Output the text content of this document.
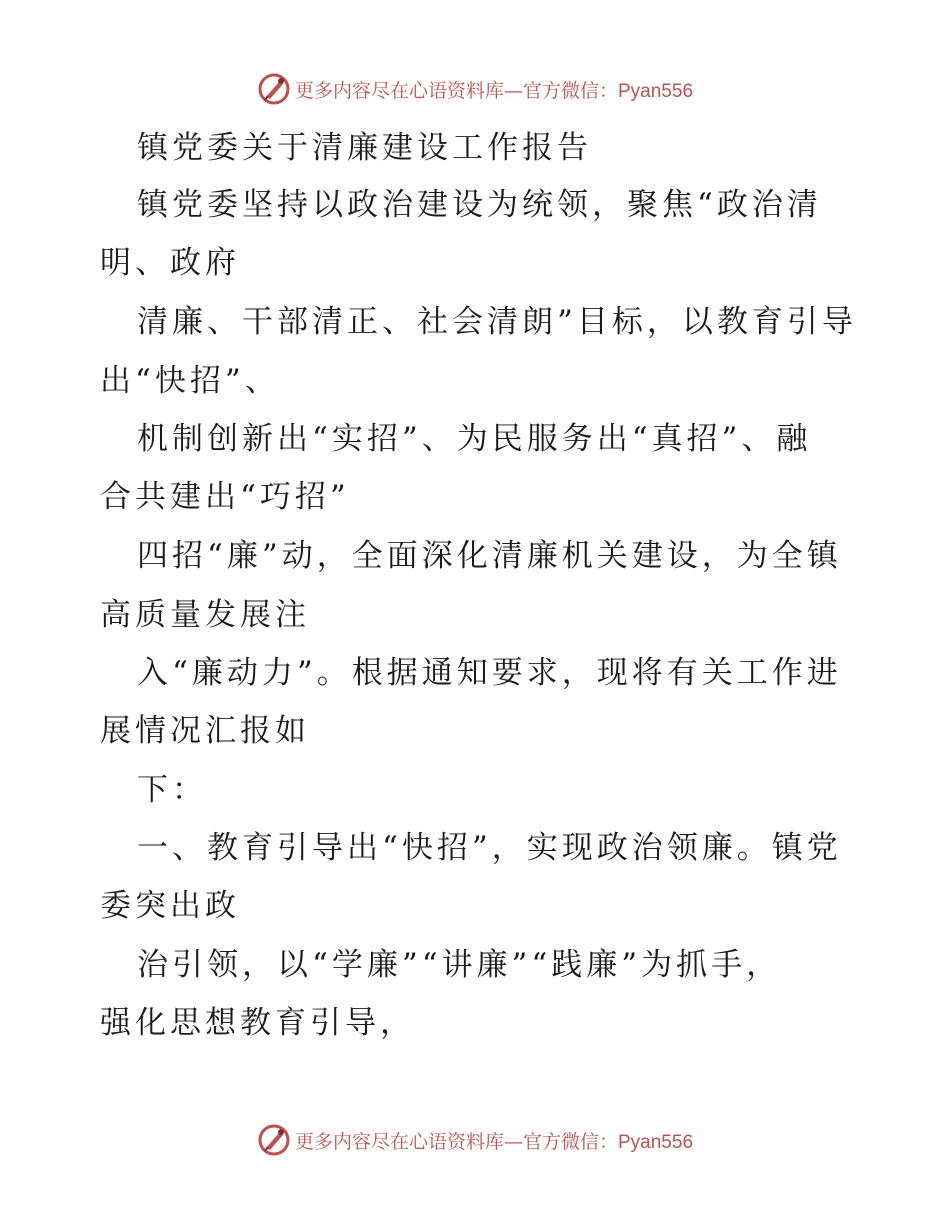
更多内容尽在心语资料库—官方微信：Pyan556
镇党委关于清廉建设工作报告
镇党委坚持以政治建设为统领，聚焦“政治清
明、政府
清廉、干部清正、社会清朗”目标，以教育引导
出“快招”、
机制创新出“实招”、为民服务出“真招”、融
合共建出“巧招”
四招“廉”动，全面深化清廉机关建设，为全镇
高质量发展注
入“廉动力”。根据通知要求，现将有关工作进
展情况汇报如
下：
一、教育引导出“快招”，实现政治领廉。镇党
委突出政
治引领，以“学廉”“讲廉”“践廉”为抓手，
强化思想教育引导，
更多内容尽在心语资料库—官方微信：Pyan556
